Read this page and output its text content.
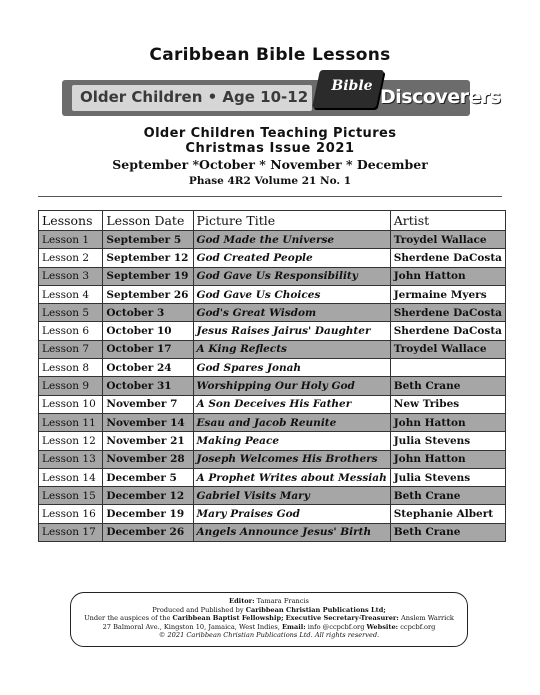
Caribbean Bible Lessons
Older Children • Age 10-12
Bible Discoverers
Older Children Teaching Pictures
Christmas Issue 2021
September *October * November * December
Phase 4R2 Volume 21 No. 1
Lessons	Lesson Date	Picture Title	Artist
Lesson 1	September 5	God Made the Universe	Troydel Wallace
Lesson 2	September 12	God Created People	Sherdene DaCosta
Lesson 3	September 19	God Gave Us Responsibility	John Hatton
Lesson 4	September 26	God Gave Us Choices	Jermaine Myers
Lesson 5	October 3	God's Great Wisdom	Sherdene DaCosta
Lesson 6	October 10	Jesus Raises Jairus' Daughter	Sherdene DaCosta
Lesson 7	October 17	A King Reflects	Troydel Wallace
Lesson 8	October 24	God Spares Jonah	
Lesson 9	October 31	Worshipping Our Holy God	Beth Crane
Lesson 10	November 7	A Son Deceives His Father	New Tribes
Lesson 11	November 14	Esau and Jacob Reunite	John Hatton
Lesson 12	November 21	Making Peace	Julia Stevens
Lesson 13	November 28	Joseph Welcomes His Brothers	John Hatton
Lesson 14	December 5	A Prophet Writes about Messiah	Julia Stevens
Lesson 15	December 12	Gabriel Visits Mary	Beth Crane
Lesson 16	December 19	Mary Praises God	Stephanie Albert
Lesson 17	December 26	Angels Announce Jesus' Birth	Beth Crane
Editor: Tamara Francis
Produced and Published by Caribbean Christian Publications Ltd;
Under the auspices of the Caribbean Baptist Fellowship; Executive Secretary-Treasurer: Anslem Warrick
27 Balmoral Ave., Kingston 10, Jamaica, West Indies, Email: info @ccpcbf.org Website: ccpcbf.org
© 2021 Caribbean Christian Publications Ltd. All rights reserved.
